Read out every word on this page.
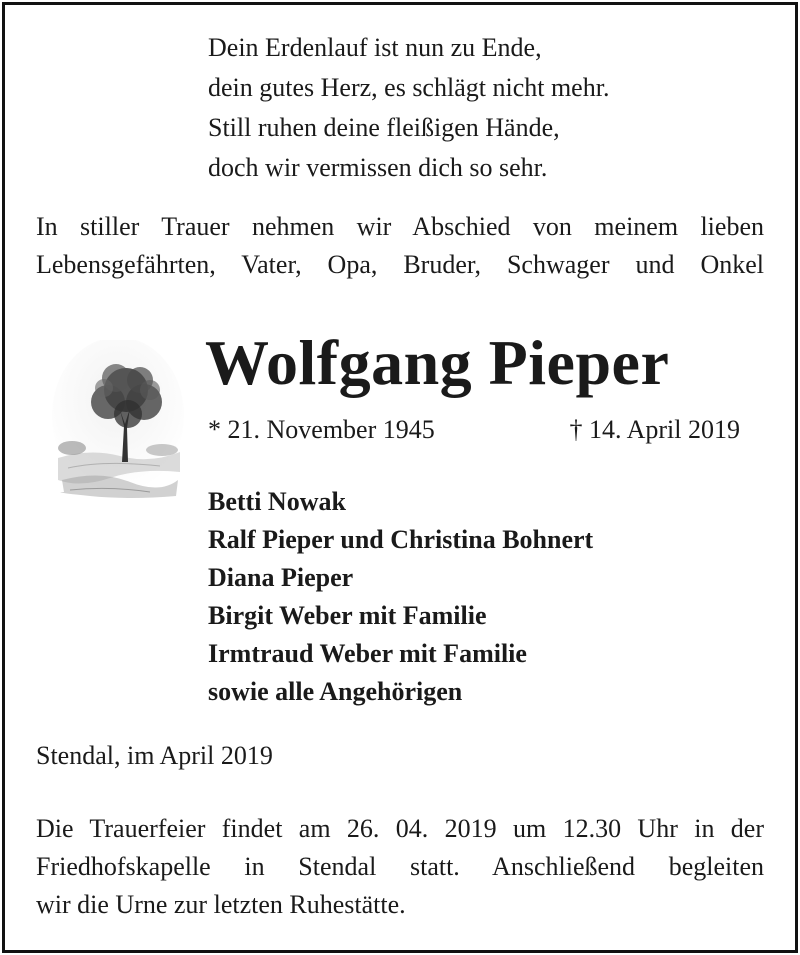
Dein Erdenlauf ist nun zu Ende,
dein gutes Herz, es schlägt nicht mehr.
Still ruhen deine fleißigen Hände,
doch wir vermissen dich so sehr.
In stiller Trauer nehmen wir Abschied von meinem lieben
Lebensgefährten, Vater, Opa, Bruder, Schwager und Onkel
Wolfgang Pieper
* 21. November 1945	† 14. April 2019
Betti Nowak
Ralf Pieper und Christina Bohnert
Diana Pieper
Birgit Weber mit Familie
Irmtraud Weber mit Familie
sowie alle Angehörigen
Stendal, im April 2019
Die Trauerfeier findet am 26. 04. 2019 um 12.30 Uhr in der
Friedhofskapelle in Stendal statt. Anschließend begleiten
wir die Urne zur letzten Ruhestätte.
